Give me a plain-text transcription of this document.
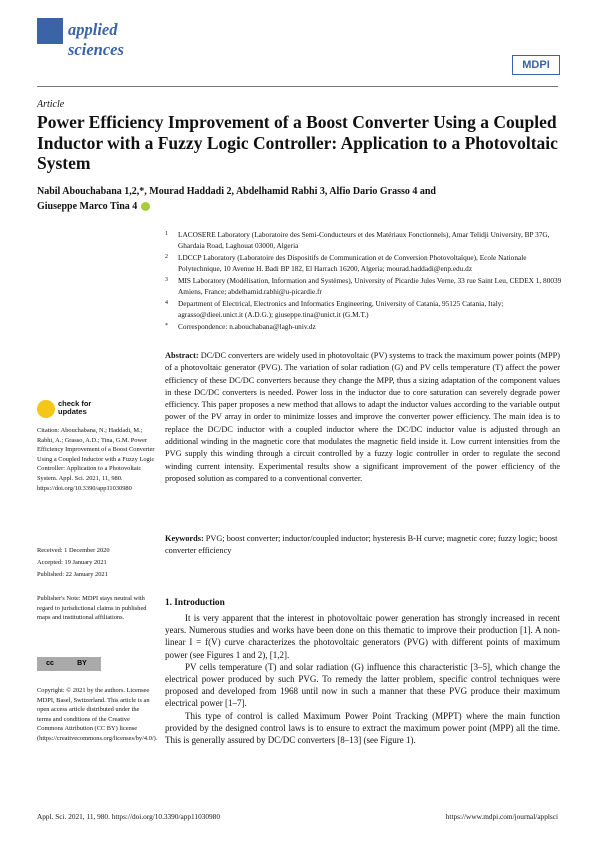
applied
sciences
MDPI
Article
Power Efficiency Improvement of a Boost Converter Using a Coupled Inductor with a Fuzzy Logic Controller: Application to a Photovoltaic System
Nabil Abouchabana 1,2,*, Mourad Haddadi 2, Abdelhamid Rabhi 3, Alfio Dario Grasso 4 and
Giuseppe Marco Tina 4
1 LACOSERE Laboratory (Laboratoire des Semi-Conducteurs et des Matériaux Fonctionnels), Amar Telidji University, BP 37G, Ghardaia Road, Laghouat 03000, Algeria
2 LDCCP Laboratory (Laboratoire des Dispositifs de Communication et de Conversion Photovoltaïque), Ecole Nationale Polytechnique, 10 Avenue H. Badi BP 182, El Harrach 16200, Algeria; mourad.haddadi@enp.edu.dz
3 MIS Laboratory (Modélisation, Information and Systèmes), University of Picardie Jules Verne, 33 rue Saint Leu, CEDEX 1, 80039 Amiens, France; abdelhamid.rabhi@u-picardie.fr
4 Department of Electrical, Electronics and Informatics Engineering, University of Catania, 95125 Catania, Italy; agrasso@dieei.unict.it (A.D.G.); giuseppe.tina@unict.it (G.M.T.)
* Correspondence: n.abouchabana@lagh-univ.dz
Abstract: DC/DC converters are widely used in photovoltaic (PV) systems to track the maximum power points (MPP) of a photovoltaic generator (PVG). The variation of solar radiation (G) and PV cells temperature (T) affect the power efficiency of these DC/DC converters because they change the MPP, thus a sizing adaptation of the component values in these DC/DC converters is needed. Power loss in the inductor due to core saturation can severely degrade power efficiency. This paper proposes a new method that allows to adapt the inductor values according to the variable output power of the PV array in order to minimize losses and improve the converter power efficiency. The main idea is to replace the DC/DC inductor with a coupled inductor where the DC/DC inductor value is adjusted through an additional winding in the magnetic core that modulates the magnetic field inside it. Low current intensities from the PVG supply this winding through a circuit controlled by a fuzzy logic controller in order to regulate the second winding current intensity. Experimental results show a significant improvement of the power efficiency of the proposed solution as compared to a conventional converter.
Keywords: PVG; boost converter; inductor/coupled inductor; hysteresis B-H curve; magnetic core; fuzzy logic; boost converter efficiency
check for
updates
Citation: Abouchabana, N.; Haddadi, M.; Rabhi, A.; Grasso, A.D.; Tina, G.M. Power Efficiency Improvement of a Boost Converter Using a Coupled Inductor with a Fuzzy Logic Controller: Application to a Photovoltaic System. Appl. Sci. 2021, 11, 980. https://doi.org/10.3390/app11030980
Received: 1 December 2020
Accepted: 19 January 2021
Published: 22 January 2021
Publisher's Note: MDPI stays neutral with regard to jurisdictional claims in published maps and institutional affiliations.
cc	BY
Copyright: © 2021 by the authors. Licensee MDPI, Basel, Switzerland. This article is an open access article distributed under the terms and conditions of the Creative Commons Attribution (CC BY) license (https://creativecommons.org/licenses/by/4.0/).
1. Introduction

It is very apparent that the interest in photovoltaic power generation has strongly increased in recent years. Numerous studies and works have been done on this thematic to improve their production [1]. A non-linear I = f(V) curve characterizes the photovoltaic generators (PVG) with different points of maximum power (see Figures 1 and 2), [1,2].

PV cells temperature (T) and solar radiation (G) influence this characteristic [3–5], which change the electrical power produced by such PVG. To remedy the latter problem, specific control techniques were proposed and developed from 1968 until now in such a manner that these PVG produce their maximum electrical power [1–7].

This type of control is called Maximum Power Point Tracking (MPPT) where the main function provided by the designed control laws is to ensure to extract the maximum power point (MPP) all the time. This is generally assured by DC/DC converters [8–13] (see Figure 1).

Appl. Sci. 2021, 11, 980. https://doi.org/10.3390/app11030980	https://www.mdpi.com/journal/applsci
